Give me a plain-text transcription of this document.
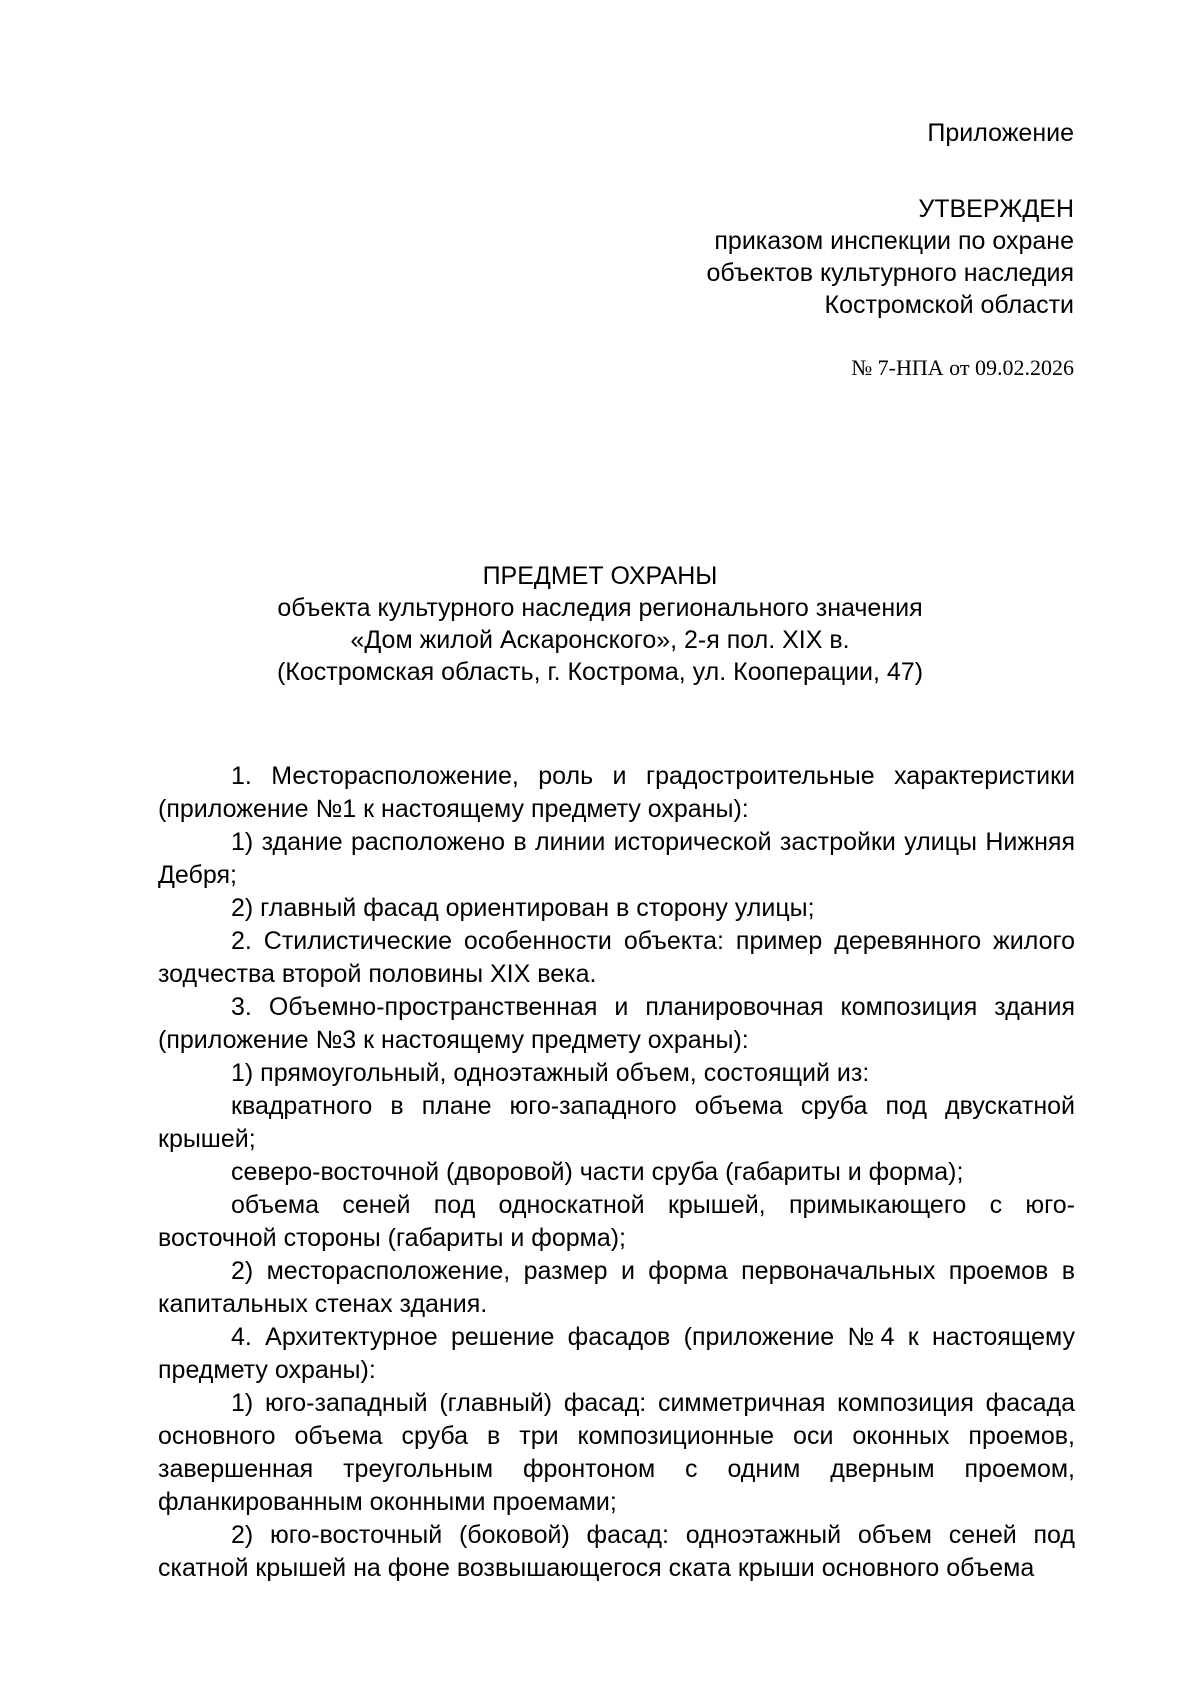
Приложение
УТВЕРЖДЕН
приказом инспекции по охране
объектов культурного наследия
Костромской области
№ 7-НПА от 09.02.2026
ПРЕДМЕТ ОХРАНЫ
объекта культурного наследия регионального значения
«Дом жилой Аскаронского», 2-я пол. XIX в.
(Костромская область, г. Кострома, ул. Кооперации, 47)

1. Месторасположение, роль и градостроительные характеристики (приложение №1 к настоящему предмету охраны):

1) здание расположено в линии исторической застройки улицы Нижняя Дебря;

2) главный фасад ориентирован в сторону улицы;

2. Стилистические особенности объекта: пример деревянного жилого зодчества второй половины XIX века.

3. Объемно-пространственная и планировочная композиция здания (приложение №3 к настоящему предмету охраны):

1) прямоугольный, одноэтажный объем, состоящий из:

квадратного в плане юго-западного объема сруба под двускатной крышей;

северо-восточной (дворовой) части сруба (габариты и форма);

объема сеней под односкатной крышей, примыкающего с юго-восточной стороны (габариты и форма);

2) месторасположение, размер и форма первоначальных проемов в капитальных стенах здания.

4. Архитектурное решение фасадов (приложение №4 к настоящему предмету охраны):

1) юго-западный (главный) фасад: симметричная композиция фасада основного объема сруба в три композиционные оси оконных проемов, завершенная треугольным фронтоном с одним дверным проемом, фланкированным оконными проемами;

2) юго-восточный (боковой) фасад: одноэтажный объем сеней под скатной крышей на фоне возвышающегося ската крыши основного объема
